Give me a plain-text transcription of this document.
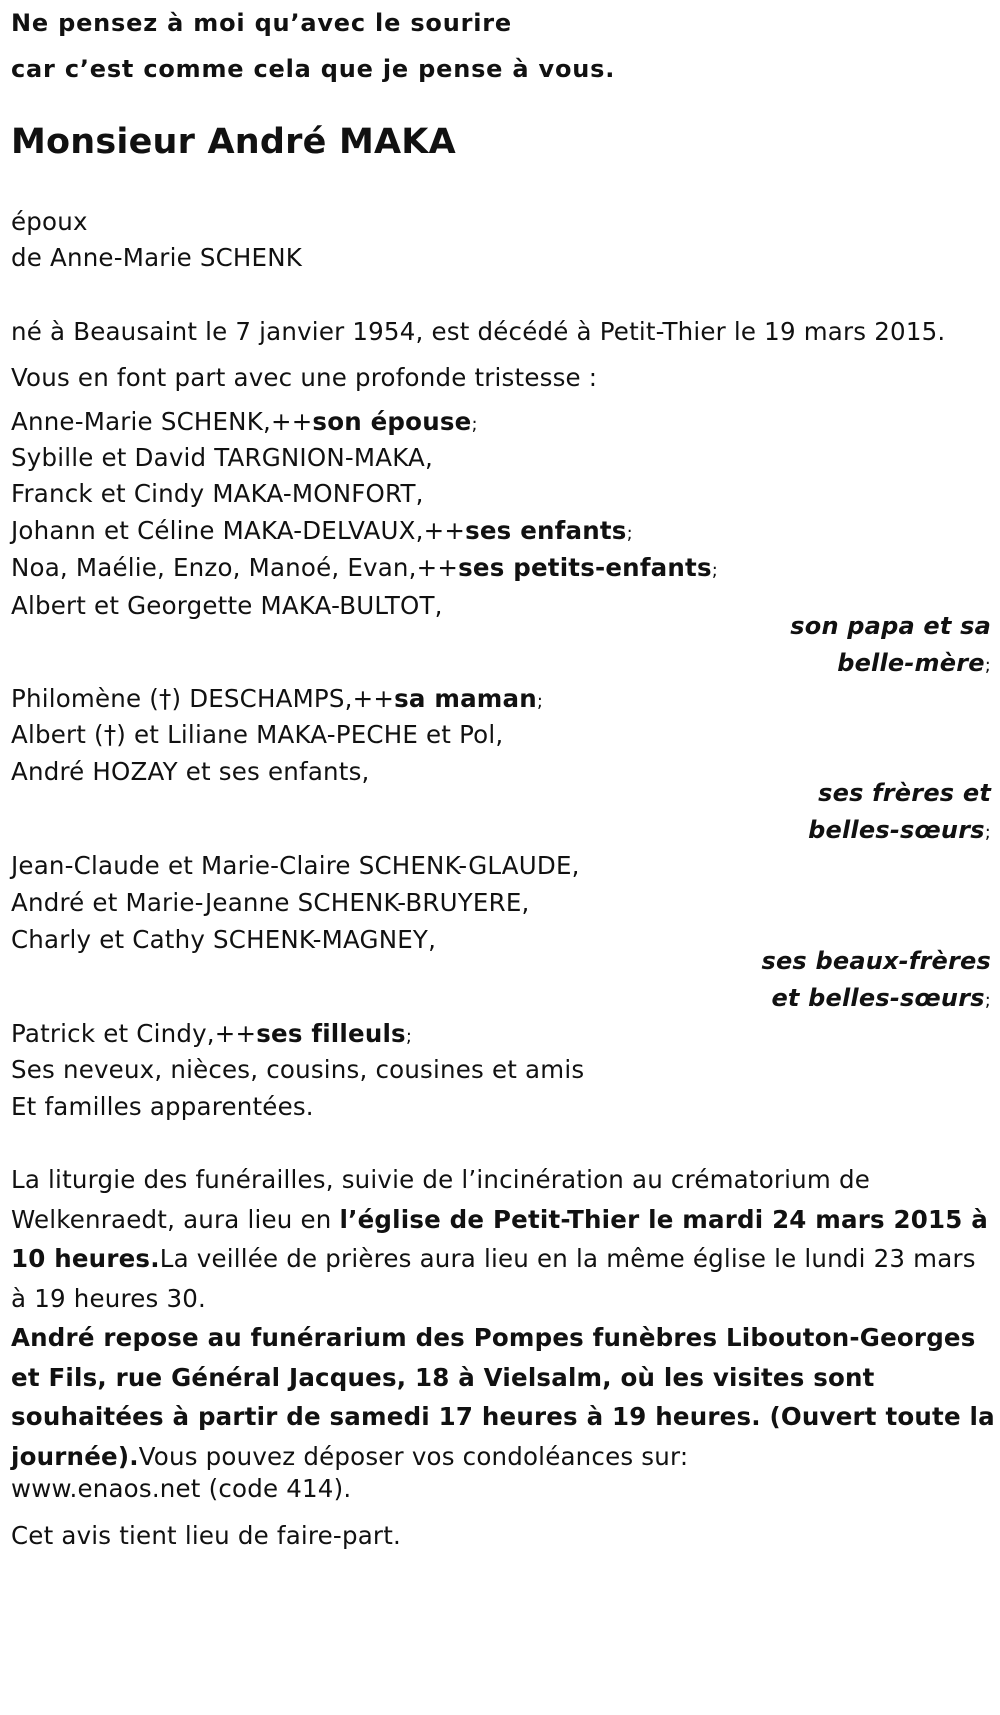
Ne pensez à moi qu’avec le sourire
car c’est comme cela que je pense à vous.
Monsieur André MAKA
époux
de Anne-Marie SCHENK
né à Beausaint le 7 janvier 1954, est décédé à Petit-Thier le 19 mars 2015.
Vous en font part avec une profonde tristesse :
Anne-Marie SCHENK,++son épouse;
Sybille et David TARGNION-MAKA,
Franck et Cindy MAKA-MONFORT,
Johann et Céline MAKA-DELVAUX,++ses enfants;
Noa, Maélie, Enzo, Manoé, Evan,++ses petits-enfants;
Albert et Georgette MAKA-BULTOT,
son papa et sa
belle-mère;
Philomène (†) DESCHAMPS,++sa maman;
Albert (†) et Liliane MAKA-PECHE et Pol,
André HOZAY et ses enfants,
ses frères et
belles-sœurs;
Jean-Claude et Marie-Claire SCHENK-GLAUDE,
André et Marie-Jeanne SCHENK-BRUYERE,
Charly et Cathy SCHENK-MAGNEY,
ses beaux-frères
et belles-sœurs;
Patrick et Cindy,++ses filleuls;
Ses neveux, nièces, cousins, cousines et amis
Et familles apparentées.
La liturgie des funérailles, suivie de l’incinération au crématorium de Welkenraedt, aura lieu en l’église de Petit-Thier le mardi 24 mars 2015 à 10 heures.La veillée de prières aura lieu en la même église le lundi 23 mars à 19 heures 30.
André repose au funérarium des Pompes funèbres Libouton-Georges et Fils, rue Général Jacques, 18 à Vielsalm, où les visites sont souhaitées à partir de samedi 17 heures à 19 heures. (Ouvert toute la journée).Vous pouvez déposer vos condoléances sur:
www.enaos.net (code 414).
Cet avis tient lieu de faire-part.
